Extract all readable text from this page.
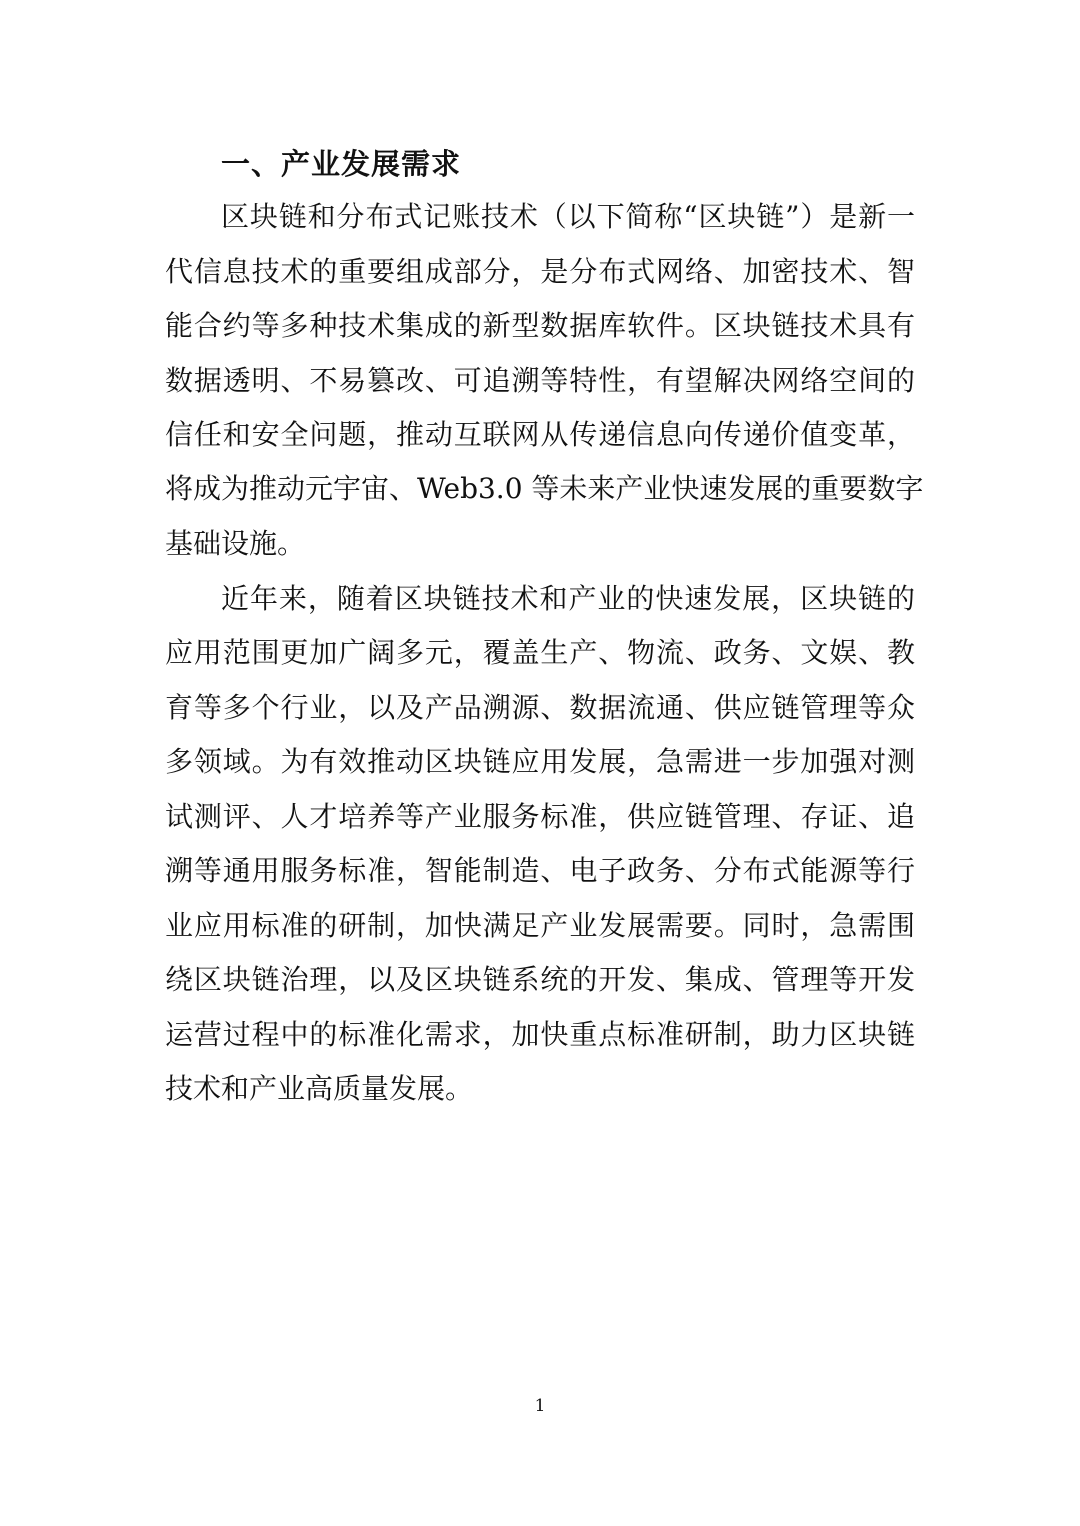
一、产业发展需求

区块链和分布式记账技术（以下简称“区块链”）是新一

代信息技术的重要组成部分，是分布式网络、加密技术、智

能合约等多种技术集成的新型数据库软件。区块链技术具有

数据透明、不易篡改、可追溯等特性，有望解决网络空间的

信任和安全问题，推动互联网从传递信息向传递价值变革，

将成为推动元宇宙、Web3.0 等未来产业快速发展的重要数字

基础设施。

近年来，随着区块链技术和产业的快速发展，区块链的

应用范围更加广阔多元，覆盖生产、物流、政务、文娱、教

育等多个行业，以及产品溯源、数据流通、供应链管理等众

多领域。为有效推动区块链应用发展，急需进一步加强对测

试测评、人才培养等产业服务标准，供应链管理、存证、追

溯等通用服务标准，智能制造、电子政务、分布式能源等行

业应用标准的研制，加快满足产业发展需要。同时，急需围

绕区块链治理，以及区块链系统的开发、集成、管理等开发

运营过程中的标准化需求，加快重点标准研制，助力区块链

技术和产业高质量发展。

1
